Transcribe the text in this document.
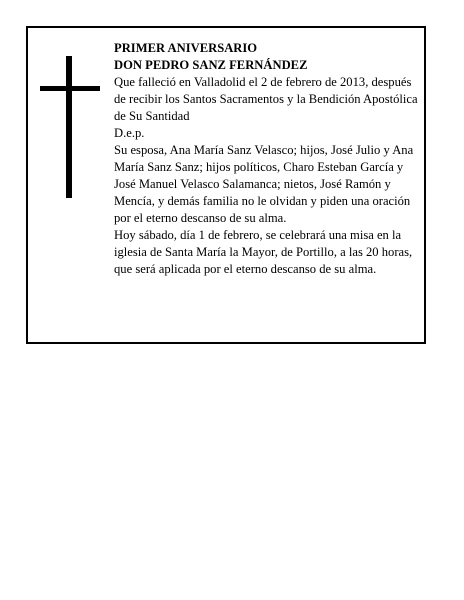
PRIMER ANIVERSARIO

DON PEDRO SANZ FERNÁNDEZ

Que falleció en Valladolid el 2 de febrero de 2013, después de recibir los Santos Sacramentos y la Bendición Apostólica de Su Santidad

D.e.p.

Su esposa, Ana María Sanz Velasco; hijos, José Julio y Ana María Sanz Sanz; hijos políticos, Charo Esteban García y José Manuel Velasco Salamanca; nietos, José Ramón y Mencía, y demás familia no le olvidan y piden una oración por el eterno descanso de su alma.

Hoy sábado, día 1 de febrero, se celebrará una misa en la iglesia de Santa María la Mayor, de Portillo, a las 20 horas, que será aplicada por el eterno descanso de su alma.
